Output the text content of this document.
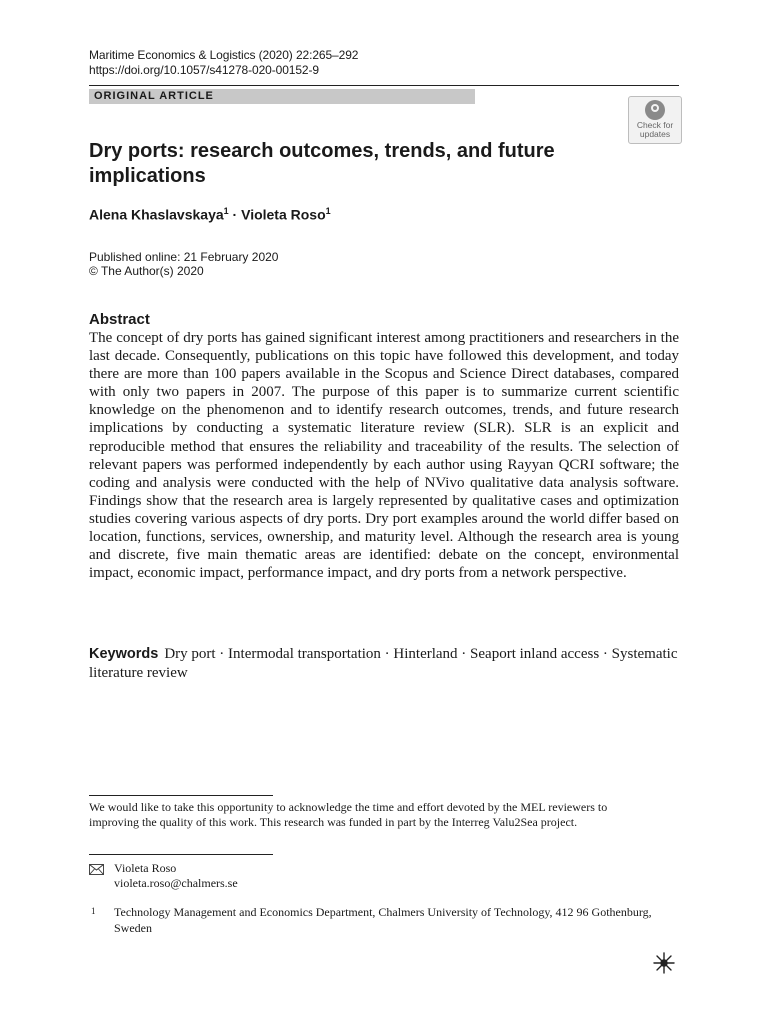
Maritime Economics & Logistics (2020) 22:265–292
https://doi.org/10.1057/s41278-020-00152-9
ORIGINAL ARTICLE
Check for
updates
Dry ports: research outcomes, trends, and future implications
Alena Khaslavskaya$^1$ · Violeta Roso$^1$
Published online: 21 February 2020
© The Author(s) 2020
Abstract

The concept of dry ports has gained significant interest among practitioners and researchers in the last decade. Consequently, publications on this topic have followed this development, and today there are more than 100 papers available in the Scopus and Science Direct databases, compared with only two papers in 2007. The purpose of this paper is to summarize current scientific knowledge on the phenomenon and to identify research outcomes, trends, and future research implications by conducting a systematic literature review (SLR). SLR is an explicit and reproducible method that ensures the reliability and traceability of the results. The selection of relevant papers was performed independently by each author using Rayyan QCRI software; the coding and analysis were conducted with the help of NVivo qualitative data analysis software. Findings show that the research area is largely represented by qualitative cases and optimization studies covering various aspects of dry ports. Dry port examples around the world differ based on location, functions, services, ownership, and maturity level. Although the research area is young and discrete, five main thematic areas are identified: debate on the concept, environmental impact, economic impact, performance impact, and dry ports from a network perspective.

Keywords Dry port · Intermodal transportation · Hinterland · Seaport inland access · Systematic literature review

We would like to take this opportunity to acknowledge the time and effort devoted by the MEL reviewers to improving the quality of this work. This research was funded in part by the Interreg Valu2Sea project.

Violeta Roso
violeta.roso@chalmers.se
1 Technology Management and Economics Department, Chalmers University of Technology, 412 96 Gothenburg, Sweden
